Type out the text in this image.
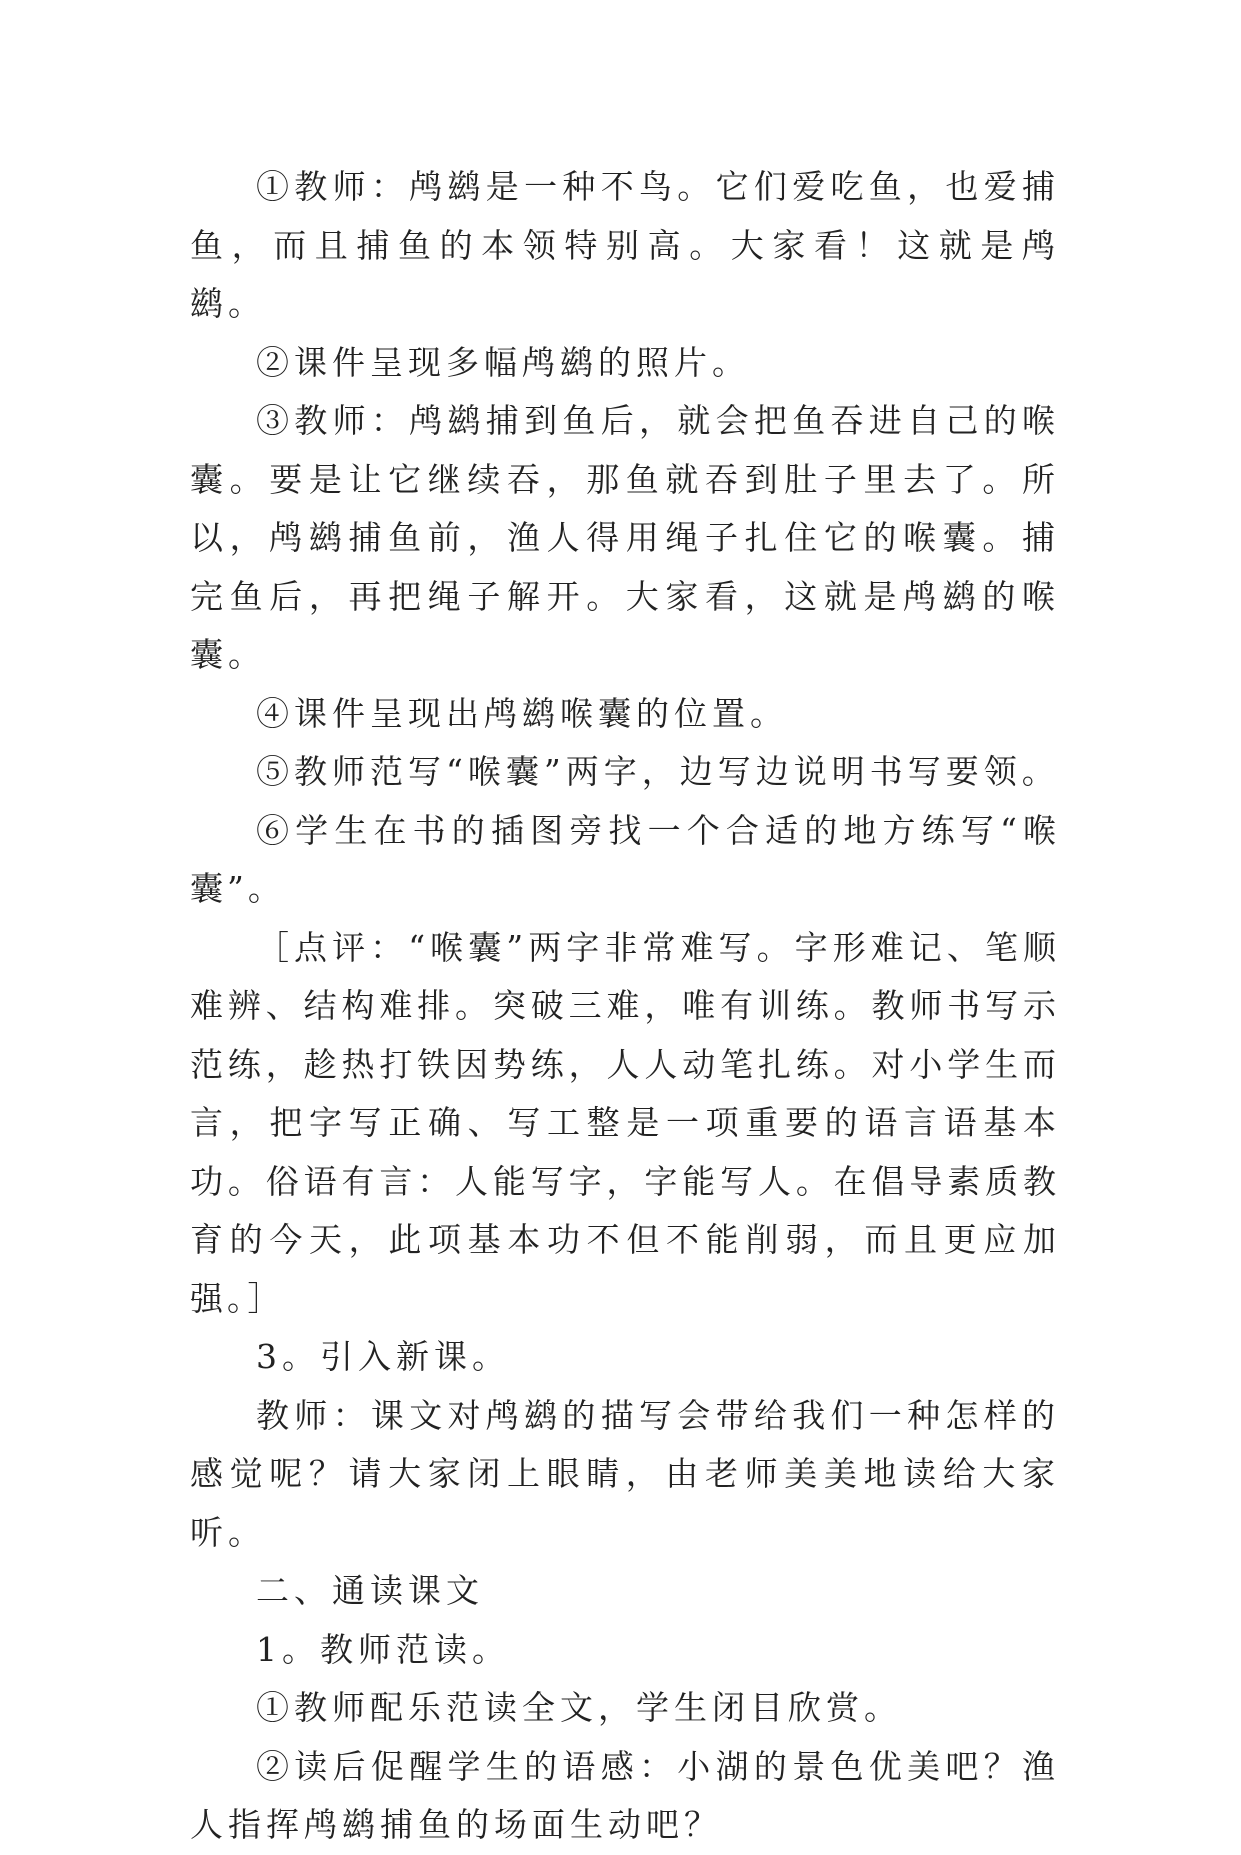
①教师：鸬鹚是一种不鸟。它们爱吃鱼，也爱捕鱼，而且捕鱼的本领特别高。大家看！这就是鸬鹚。

②课件呈现多幅鸬鹚的照片。

③教师：鸬鹚捕到鱼后，就会把鱼吞进自己的喉囊。要是让它继续吞，那鱼就吞到肚子里去了。所以，鸬鹚捕鱼前，渔人得用绳子扎住它的喉囊。捕完鱼后，再把绳子解开。大家看，这就是鸬鹚的喉囊。

④课件呈现出鸬鹚喉囊的位置。

⑤教师范写“喉囊”两字，边写边说明书写要领。

⑥学生在书的插图旁找一个合适的地方练写“喉囊”。

［点评：“喉囊”两字非常难写。字形难记、笔顺难辨、结构难排。突破三难，唯有训练。教师书写示范练，趁热打铁因势练，人人动笔扎练。对小学生而言，把字写正确、写工整是一项重要的语言语基本功。俗语有言：人能写字，字能写人。在倡导素质教育的今天，此项基本功不但不能削弱，而且更应加强。］

3。引入新课。

教师：课文对鸬鹚的描写会带给我们一种怎样的感觉呢？请大家闭上眼睛，由老师美美地读给大家听。

二、通读课文

1。教师范读。

①教师配乐范读全文，学生闭目欣赏。

②读后促醒学生的语感：小湖的景色优美吧？渔人指挥鸬鹚捕鱼的场面生动吧？
